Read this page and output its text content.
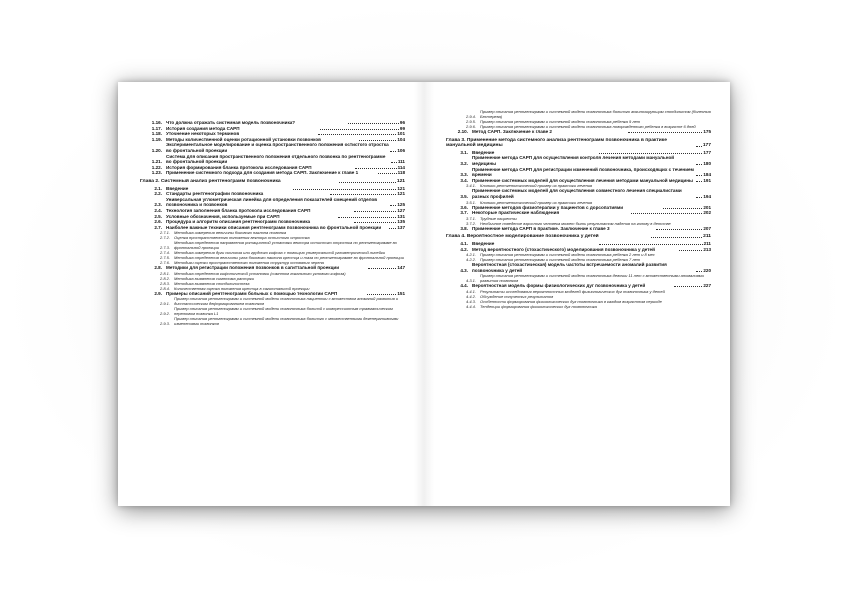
1.16. Что должна отражать системная модель позвоночника?	96
1.17. История создания метода САРП	99
1.18. Уточнение некоторых терминов	101
1.19. Методы количественной оценки ротационной установки позвонков	104
1.20.
Экспериментальное моделирование и оценка пространственного положения остистого отростка во фронтальной проекции	106
1.21.
Система для описания пространственного положения отдельного позвонка по рентгенограмме во фронтальной проекции	111
1.22. История формирования бланка протокола исследования САРП	114
1.23. Применение системного подхода для создания метода САРП. Заключение к главе 1	118
Глава 2. Системный анализ рентгенограмм позвоночника	121
2.1. Введение	121
2.2. Стандарты рентгенографии позвоночника	121
2.3.
Универсальная углометрическая линейка для определения показателей смещений отделов позвоночника и позвонков	125
2.4. Технология заполнения бланка протокола исследования САРП	127
2.5. Условные обозначения, используемые при САРП	131
2.6. Процедура и алгоритм описания рентгенограмм позвоночника	135
2.7. Наиболее важные техники описания рентгенограмм позвоночника во фронтальной проекции	137
2.7.1.	Методика измерения величины бокового наклона позвонка
2.7.2.	Оценка пространственного положения вектора остистого отростка
2.7.3.
Методика определения направления ротационной установки вектора остистого отростка по рентгенограмме во фронтальной проекции
2.7.4.	Методика измерения дуги сколиоза или грудного кифоза с помощью универсальной углометрической линейки
2.7.5.	Методика определения величины угла бокового наклона крестца и таза по рентгенограмме во фронтальной проекции
2.7.6.	Методики оценки пространственного положения структур основания черепа
2.8. Методики для регистрации положения позвонков в сагиттальной проекции	147
2.8.1.	Методика определения кифотической установки (симптом локального углового кифоза)
2.8.2.	Методика выявления симптома распорки
2.8.3.	Методика выявления спондилолистеза
2.8.4.	Количественная оценка положения крестца в сагиттальной проекции
2.9. Примеры описаний рентгенограмм больных с помощью технологии САРП	151
2.9.1.
Пример описания рентгенограмм и системной модели позвоночника пациентки с множеством аномалий развития и диспластическим деформированием позвонков
2.9.2.
Пример описания рентгенограмм и системной модели позвоночника больной с компрессионным травматическим переломом позвонка L1
2.9.3.
Пример описания рентгенограмм и системной модели позвоночника больного с множественными дегенеративными изменениями позвонков
2.9.4.
Пример описания рентгенограмм и системной модели позвоночника больного анкилозирующим спондилитом (болезнью Бехтерева)
2.9.5.	Пример описания рентгенограмм и системной модели позвоночника ребенка 9 лет
2.9.6.	Пример описания рентгенограмм и системной модели позвоночника новорожденного ребенка в возрасте 6 дней
2.10. Метод САРП. Заключение к главе 2	175
Глава 3. Применение метода системного анализа рентгенограмм позвоночника в практике мануальной медицины	177
3.1. Введение	177
3.2.
Применение метода САРП для осуществления контроля лечения методами мануальной медицины	180
3.3.
Применение метода САРП для регистрации изменений позвоночника, происходящих с течением времени	184
3.4. Применение системных моделей для осуществления лечения методами мануальной медицины	191
3.4.1.	Клинико-рентгенологический пример из практики лечения
3.5.
Применение системных моделей для осуществления совместного лечения специалистами разных профилей	194
3.5.1.	Клинико-рентгенологический пример из практики лечения
3.6. Применение методов физиотерапии у пациентов с дорсопатиями	201
3.7. Некоторые практические наблюдения	202
3.7.1.	Трудные пациенты
3.7.2.	Необычное поведение взрослого человека может быть результатом падения на голову в детстве
3.8. Применение метода САРП в практике. Заключение к главе 3	207
Глава 4. Вероятностное моделирование позвоночника у детей	211
4.1. Введение	211
4.2. Метод вероятностного (стохастического) моделирования позвоночника у детей	213
4.2.1.	Пример описания рентгенограмм и системной модели позвоночника ребенка 2 лет и 8 мес
4.2.2.	Пример описания рентгенограмм и системной модели позвоночника ребенка 7 лет
4.3.
Вероятностная (стохастическая) модель частоты встречаемости аномалий развития позвоночника у детей	220
4.3.1.
Пример описания рентгенограмм и системной модели позвоночника девочки 11 лет с множественными аномалиями развития позвонков
4.4. Вероятностная модель формы физиологических дуг позвоночника у детей	227
4.4.1.	Результаты исследования вероятностных моделей физиологических дуг позвоночника у детей
4.4.2.	Обсуждение полученных результатов
4.4.3.	Особенности формирования физиологических дуг позвоночника в каждом возрастном периоде
4.4.4.	Тенденции формирования физиологических дуг позвоночника
